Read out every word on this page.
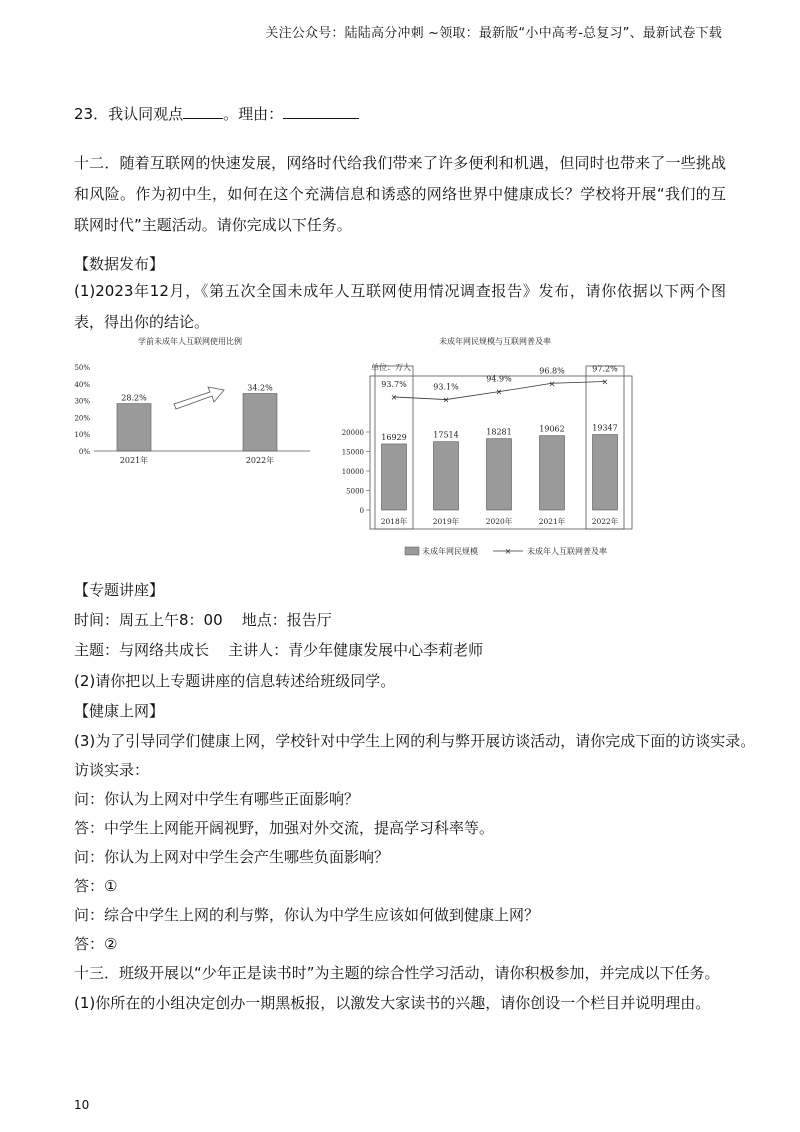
关注公众号：陆陆高分冲刺 ~领取：最新版“小中高考-总复习”、最新试卷下载
23．我认同观点	。理由：
十二．随着互联网的快速发展，网络时代给我们带来了许多便利和机遇，但同时也带来了一些挑战和风险。作为初中生，如何在这个充满信息和诱惑的网络世界中健康成长？学校将开展“我们的互联网时代”主题活动。请你完成以下任务。
【数据发布】
(1)2023年12月，《第五次全国未成年人互联网使用情况调查报告》发布，请你依据以下两个图表，得出你的结论。
学前未成年人互联网使用比例
0%
10%
20%
30%
40%
50%
28.2%
2021年
34.2%
2022年
未成年网民规模与互联网普及率
单位：万人
0
5000
10000
15000
20000 16929
2018年
17514
2019年
18281
2020年
19062
2021年
19347
2022年
×
93.7%
×
93.1%
×
94.9%
×
96.8%
×
97.2%
未成年网民规模	× 未成年人互联网普及率
【专题讲座】
时间：周五上午8：00    地点：报告厅
主题：与网络共成长    主讲人：青少年健康发展中心李莉老师
(2)请你把以上专题讲座的信息转述给班级同学。
【健康上网】
(3)为了引导同学们健康上网，学校针对中学生上网的利与弊开展访谈活动，请你完成下面的访谈实录。
访谈实录：
问：你认为上网对中学生有哪些正面影响？
答：中学生上网能开阔视野，加强对外交流，提高学习科率等。
问：你认为上网对中学生会产生哪些负面影响？
答：①
问：综合中学生上网的利与弊，你认为中学生应该如何做到健康上网？
答：②
十三．班级开展以“少年正是读书时”为主题的综合性学习活动，请你积极参加，并完成以下任务。
(1)你所在的小组决定创办一期黑板报，以激发大家读书的兴趣，请你创设一个栏目并说明理由。
10
